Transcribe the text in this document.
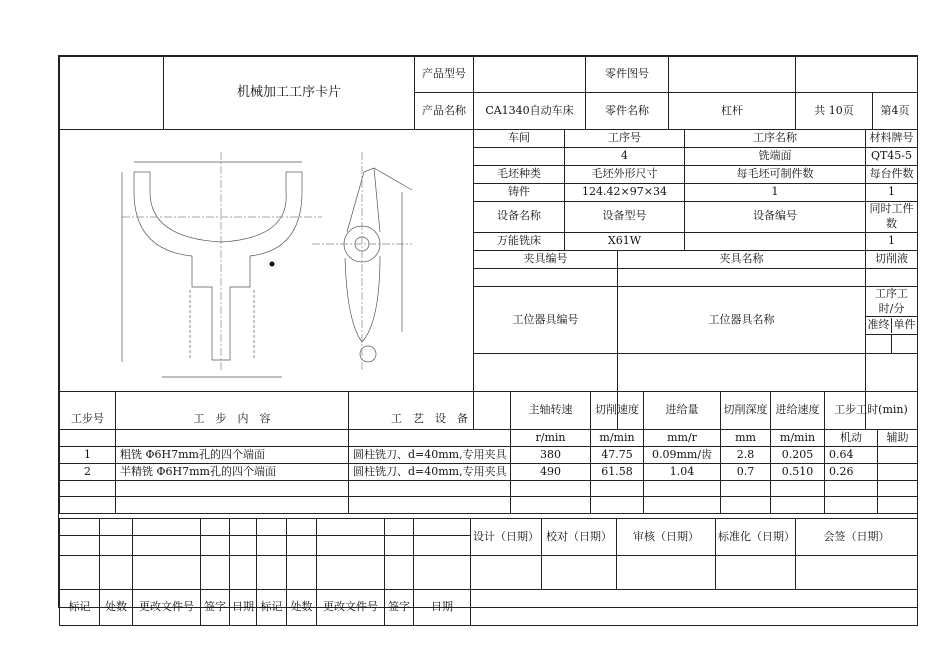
	机械加工工序卡片	产品型号		零件图号			
		产品名称	CA1340自动车床	零件名称	杠杆	共 10页	第4页
	车间	工序号		工序名称	材料牌号
		4		铣端面	QT45-5
	毛坯种类	毛坯外形尺寸		每毛坯可制件数	每台件数
	铸件	124.42×97×34		1	1
	设备名称	设备型号		设备编号	同时工件数
	万能铣床	X61W			1
	夹具编号		夹具名称		切削液

	工位器具编号		工位器具名称		工序工时/分

					准终 单件

工步号	工　步　内　容	工　艺　设　备	主轴转速	切削速度	进给量	切削深度	进给速度	工步工时(min)	
			r/min	m/min	mm/r	mm	m/min	机动	辅助
1	粗铣 Φ6H7mm孔的四个端面	圆柱铣刀、d=40mm,专用夹具	380	47.75	0.09mm/齿	2.8	0.205	0.64	
2	半精铣 Φ6H7mm孔的四个端面	圆柱铣刀、d=40mm,专用夹具	490	61.58	1.04	0.7	0.510	0.26	

										设计（日期）	校对（日期）	审核（日期）	标准化（日期）	会签（日期）

标记	处数	更改文件号	签字	日期	标记	处数	更改文件号	签字	日期					
